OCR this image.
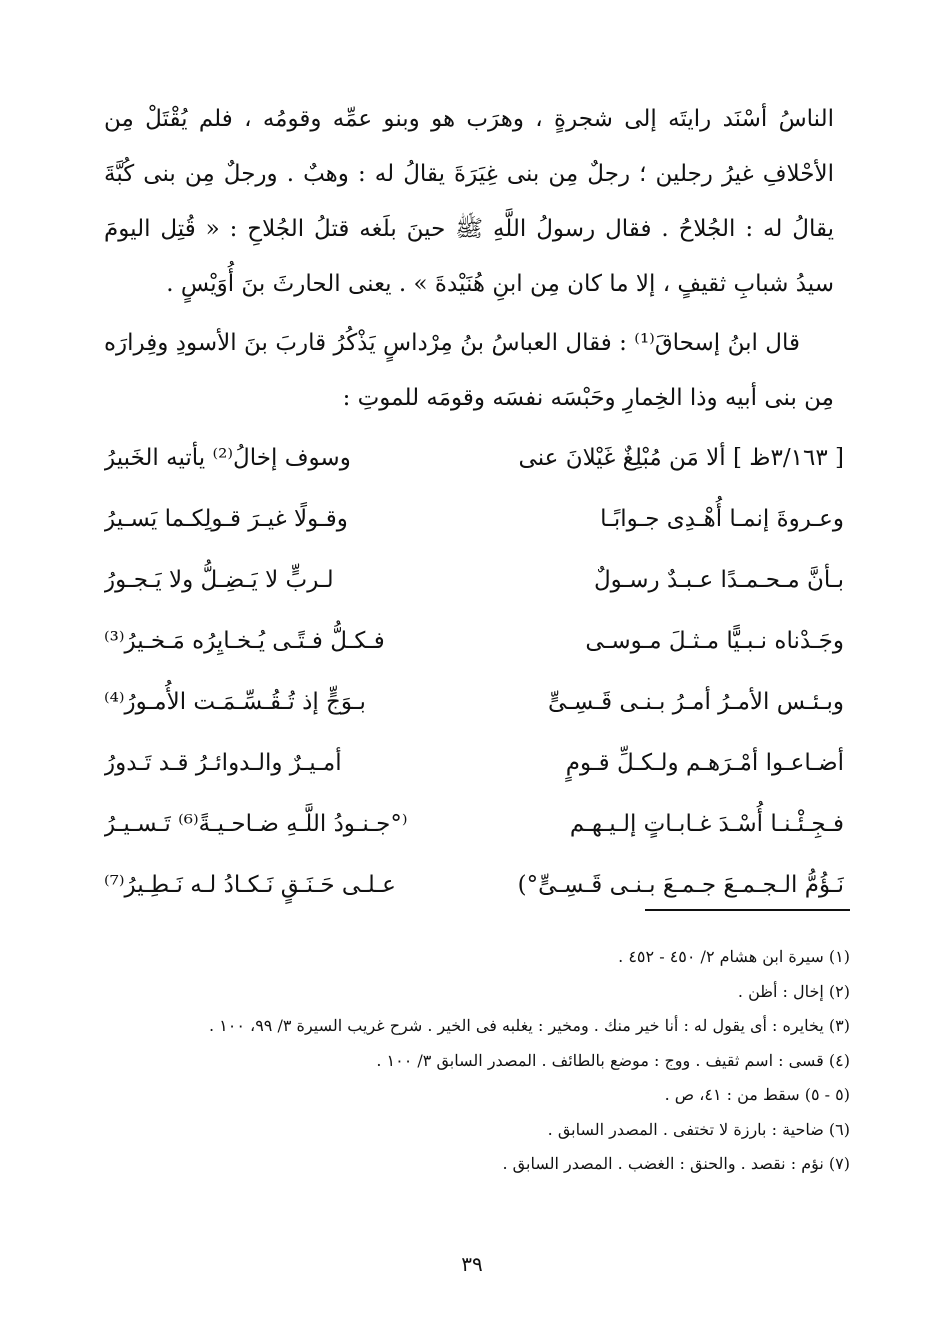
الناسُ أسْنَد رايتَه إلى شجرةٍ ، وهرَب هو وبنو عمِّه وقومُه ، فلم يُقْتَلْ مِن الأحْلافِ غيرُ رجلين ؛ رجلٌ مِن بنى غِيَرَةَ يقالُ له : وهبٌ . ورجلٌ مِن بنى كُبَّةَ يقالُ له : الجُلاحُ . فقال رسولُ اللَّهِ ﷺ حينَ بلَغه قتلُ الجُلاحِ : « قُتِل اليومَ سيدُ شبابِ ثقيفٍ ، إلا ما كان مِن ابنِ هُنَيْدةَ » . يعنى الحارثَ بنَ أُوَيْسٍ .

قال ابنُ إسحاقَ⁽¹⁾ : فقال العباسُ بنُ مِرْداسٍ يَذْكُرُ قاربَ بنَ الأسودِ وفِرارَه مِن بنى أبيه وذا الخِمارِ وحَبْسَه نفسَه وقومَه للموتِ :

[ ٣/١٦٣ظ ] ألا مَن مُبْلِغٌ غَيْلانَ عنى
وسوف إخالُ⁽²⁾ يأتيه الخَبيرُ
وعـروةَ إنمـا أُهْـدِى جـوابًـا
وقـولًا غيـرَ قـولِكـما يَسـيرُ
بـأنَّ مـحـمـدًا عـبـدٌ رسـولٌ
لـربٍّ لا يَـضِـلُّ ولا يَـجـورُ
وجَـدْناه نـبـيًّا مـثـلَ مـوسـى
فـكـلُّ فـتًـى يُـخـايِرُه مَـخـيرُ⁽³⁾
وبـئـس الأمـرُ أمـرُ بـنـى قَـسِـىٍّ
بـوَجٍّ إذ تُـقُـسِّـمَـت الأُمـورُ⁽⁴⁾
أضـاعـوا أمْـرَهـم ولـكـلِّ قـومٍ
أمـيـرٌ والـدوائـرُ قـد تَـدورُ
فـجِـئْـنـا أُسْـدَ غـابـاتٍ إلـيـهـم
⁽°جـنـودُ اللَّـهِ ضـاحـيـةً⁽⁶⁾ تَـسـيـرُ
نَـؤُمُّ الـجـمـعَ جـمـعَ بـنـى قَـسِـىٍّ°)
عـلـى حَـنَـقٍ نَـكـادُ لـه نَـطِـيرُ⁽⁷⁾
(١) سيرة ابن هشام ٢/ ٤٥٠ - ٤٥٢ .
(٢) إخال : أظن .
(٣) يخايره : أى يقول له : أنا خير منك . ومخير : يغلبه فى الخير . شرح غريب السيرة ٣/ ٩٩، ١٠٠ .
(٤) قسى : اسم ثقيف . ووج : موضع بالطائف . المصدر السابق ٣/ ١٠٠ .
(٥ - ٥) سقط من : ٤١، ص .
(٦) ضاحية : بارزة لا تختفى . المصدر السابق .
(٧) نؤم : نقصد . والحنق : الغضب . المصدر السابق .
٣٩
